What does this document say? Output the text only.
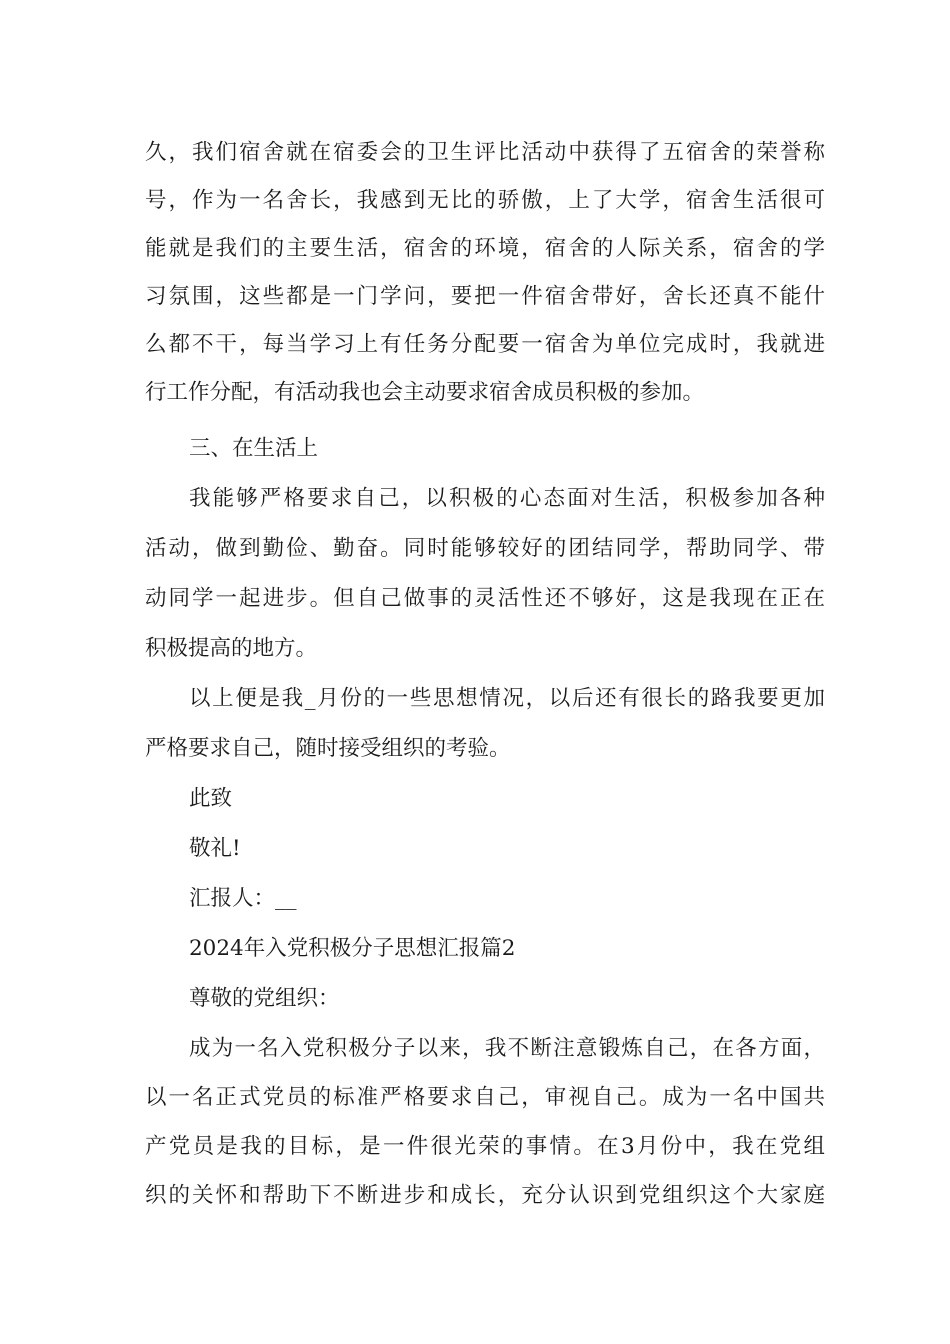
久，我们宿舍就在宿委会的卫生评比活动中获得了五宿舍的荣誉称
号，作为一名舍长，我感到无比的骄傲，上了大学，宿舍生活很可
能就是我们的主要生活，宿舍的环境，宿舍的人际关系，宿舍的学
习氛围，这些都是一门学问，要把一件宿舍带好，舍长还真不能什
么都不干，每当学习上有任务分配要一宿舍为单位完成时，我就进
行工作分配，有活动我也会主动要求宿舍成员积极的参加。
三、在生活上
我能够严格要求自己，以积极的心态面对生活，积极参加各种
活动，做到勤俭、勤奋。同时能够较好的团结同学，帮助同学、带
动同学一起进步。但自己做事的灵活性还不够好，这是我现在正在
积极提高的地方。
以上便是我_月份的一些思想情况，以后还有很长的路我要更加
严格要求自己，随时接受组织的考验。
此致
敬礼!
汇报人：__
2024年入党积极分子思想汇报篇2
尊敬的党组织：
成为一名入党积极分子以来，我不断注意锻炼自己，在各方面，
以一名正式党员的标准严格要求自己，审视自己。成为一名中国共
产党员是我的目标，是一件很光荣的事情。在3月份中，我在党组
织的关怀和帮助下不断进步和成长，充分认识到党组织这个大家庭
